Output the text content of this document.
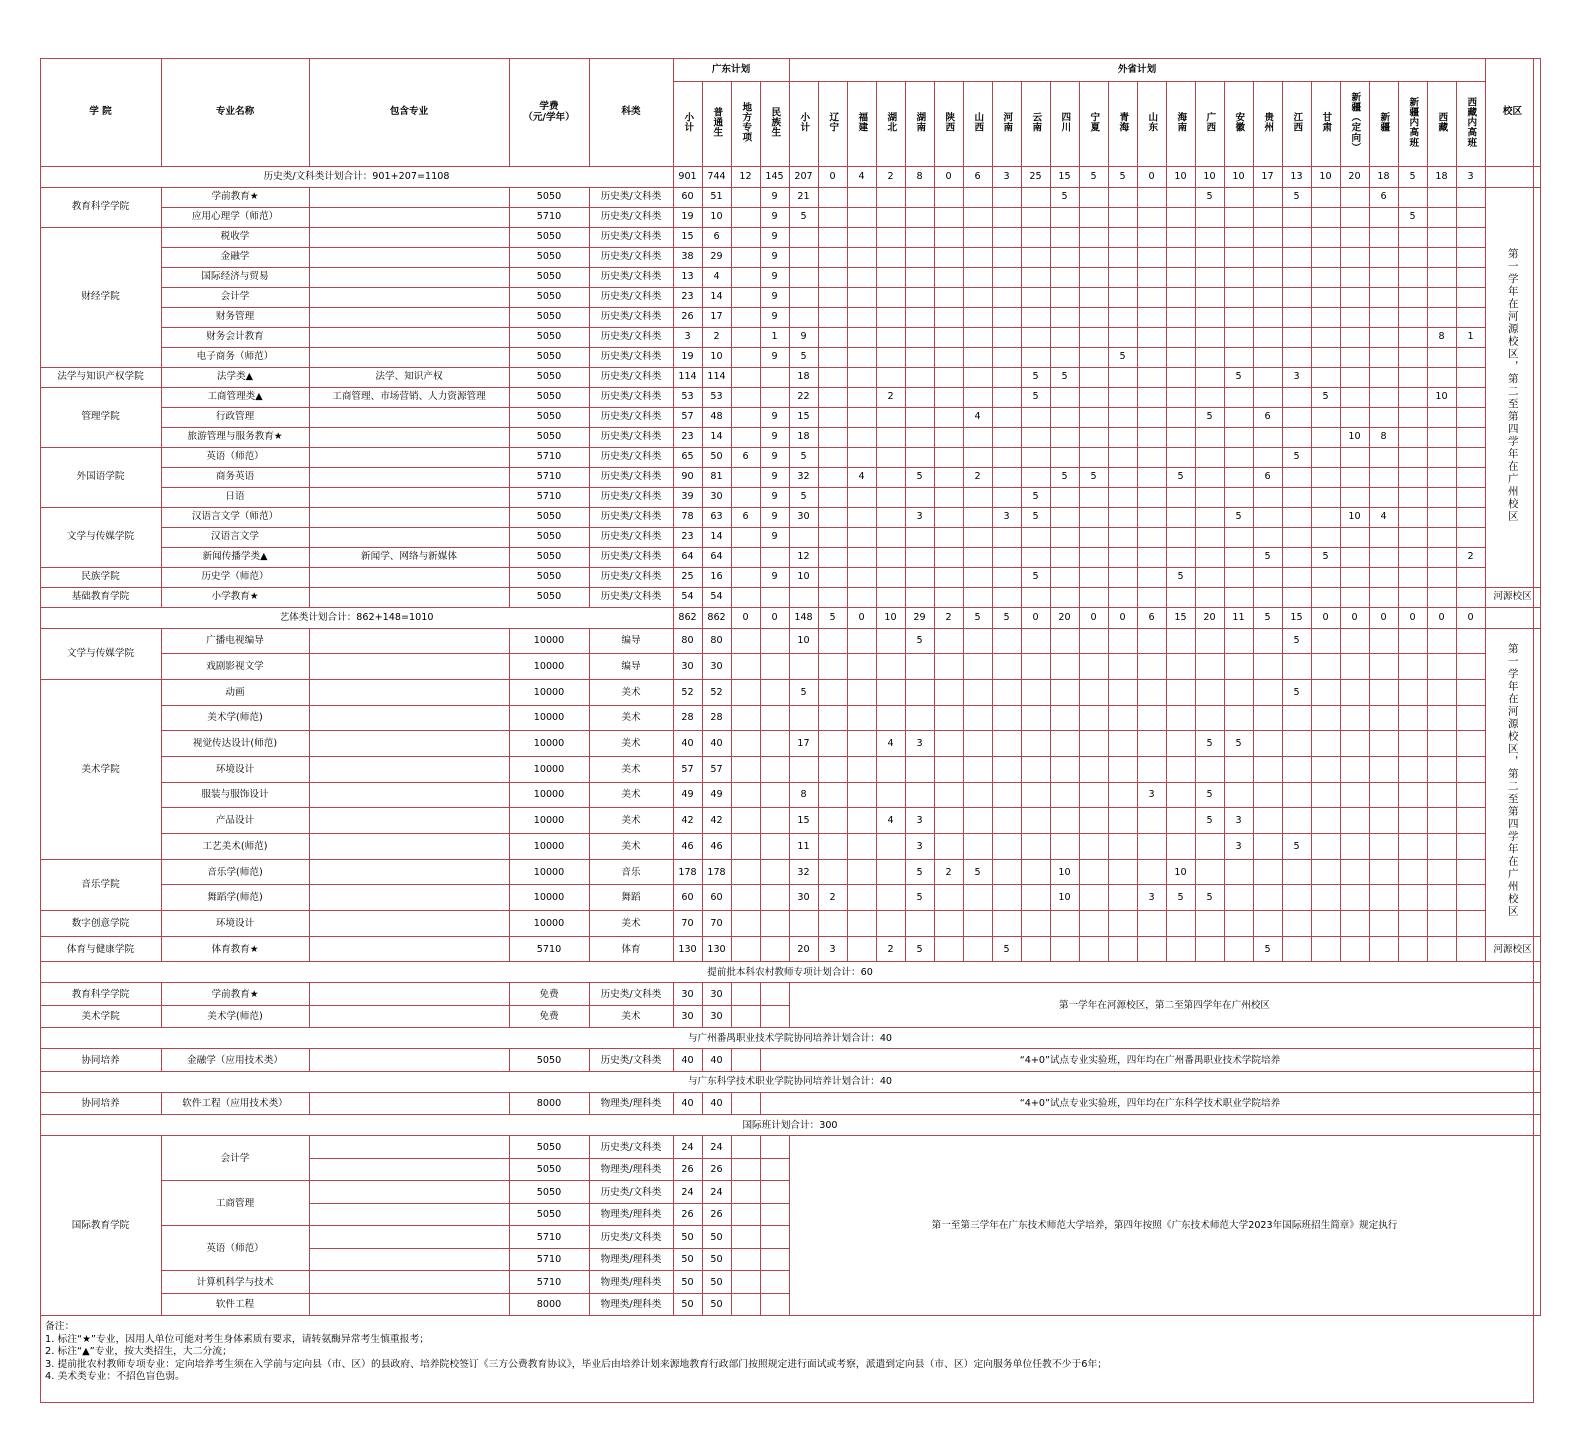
学 院	专业名称	包含专业	学费
（元/学年）	科类	广东计划				外省计划																								校区
					小计	普通生	地方专项	民族生	小计	辽宁	福建	湖北	湖南	陕西	山西	河南	云南	四川	宁夏	青海	山东	海南	广西	安徽	贵州	江西	甘肃	新疆（定向）	新疆	新疆内高班	西藏	西藏内高班	
历史类/文科类计划合计：901+207=1108					901	744	12	145	207	0	4	2	8	0	6	3	25	15	5	5	0	10	10	10	17	13	10	20	18	5	18	3	
教育科学学院	学前教育★		5050	历史类/文科类	60	51		9	21									5					5			5			6				第一学年在河源校区，第二至第四学年在广州校区
	应用心理学（师范）		5710	历史类/文科类	19	10		9	5																					5			
财经学院	税收学		5050	历史类/文科类	15	6		9																									
	金融学		5050	历史类/文科类	38	29		9																									
	国际经济与贸易		5050	历史类/文科类	13	4		9																									
	会计学		5050	历史类/文科类	23	14		9																									
	财务管理		5050	历史类/文科类	26	17		9																									
	财务会计教育		5050	历史类/文科类	3	2		1	9																						8	1	
	电子商务（师范）		5050	历史类/文科类	19	10		9	5											5													
法学与知识产权学院	法学类▲	法学、知识产权	5050	历史类/文科类	114	114			18								5	5						5		3							
管理学院	工商管理类▲	工商管理、市场营销、人力资源管理	5050	历史类/文科类	53	53			22			2					5										5				10		
	行政管理		5050	历史类/文科类	57	48		9	15						4								5		6								
	旅游管理与服务教育★		5050	历史类/文科类	23	14		9	18																			10	8				
外国语学院	英语（师范）		5710	历史类/文科类	65	50	6	9	5																	5							
	商务英语		5710	历史类/文科类	90	81		9	32		4		5		2			5	5			5			6								
	日语		5710	历史类/文科类	39	30		9	5								5																
文学与传媒学院	汉语言文学（师范）		5050	历史类/文科类	78	63	6	9	30				3			3	5							5				10	4				
	汉语言文学		5050	历史类/文科类	23	14		9																									
	新闻传播学类▲	新闻学、网络与新媒体	5050	历史类/文科类	64	64			12																5		5					2	
民族学院	历史学（师范）		5050	历史类/文科类	25	16		9	10								5					5											
基础教育学院	小学教育★		5050	历史类/文科类	54	54																											河源校区
艺体类计划合计：862+148=1010					862	862	0	0	148	5	0	10	29	2	5	5	0	20	0	0	6	15	20	11	5	15	0	0	0	0	0	0	
文学与传媒学院	广播电视编导		10000	编导	80	80			10				5													5							第一学年在河源校区，第二至第四学年在广州校区
	戏剧影视文学		10000	编导	30	30																											
美术学院	动画		10000	美术	52	52			5																	5							
	美术学(师范)		10000	美术	28	28																											
	视觉传达设计(师范)		10000	美术	40	40			17			4	3										5	5									
	环境设计		10000	美术	57	57																											
	服装与服饰设计		10000	美术	49	49			8												3		5										
	产品设计		10000	美术	42	42			15			4	3										5	3									
	工艺美术(师范)		10000	美术	46	46			11				3											3		5							
音乐学院	音乐学(师范)		10000	音乐	178	178			32				5	2	5			10				10											
	舞蹈学(师范)		10000	舞蹈	60	60			30	2			5					10			3	5	5										
数字创意学院	环境设计		10000	美术	70	70																											
体育与健康学院	体育教育★		5710	体育	130	130			20	3		2	5			5									5								河源校区
提前批本科农村教师专项计划合计：60																																	
教育科学学院	学前教育★		免费	历史类/文科类	30	30			第一学年在河源校区，第二至第四学年在广州校区																								
美术学院	美术学(师范)		免费	美术	30	30																											
与广州番禺职业技术学院协同培养计划合计：40																																	
协同培养	金融学（应用技术类）		5050	历史类/文科类	40	40		“4+0”试点专业实验班，四年均在广州番禺职业技术学院培养																									
与广东科学技术职业学院协同培养计划合计：40																																	
协同培养	软件工程（应用技术类）		8000	物理类/理科类	40	40		“4+0”试点专业实验班，四年均在广东科学技术职业学院培养																									
国际班计划合计：300																																	
国际教育学院	会计学		5050	历史类/文科类	24	24			第一至第三学年在广东技术师范大学培养，第四年按照《广东技术师范大学2023年国际班招生简章》规定执行																								
			5050	物理类/理科类	26	26																											
	工商管理		5050	历史类/文科类	24	24																											
			5050	物理类/理科类	26	26																											
	英语（师范）		5710	历史类/文科类	50	50																											
			5710	物理类/理科类	50	50																											
	计算机科学与技术		5710	物理类/理科类	50	50																											
	软件工程		8000	物理类/理科类	50	50																											
备注：
1. 标注“★”专业，因用人单位可能对考生身体素质有要求，请转氨酶异常考生慎重报考；
2. 标注“▲”专业，按大类招生，大二分流；
3. 提前批农村教师专项专业：定向培养考生须在入学前与定向县（市、区）的县政府、培养院校签订《三方公费教育协议》，毕业后由培养计划来源地教育行政部门按照规定进行面试或考察，派遣到定向县（市、区）定向服务单位任教不少于6年；
4. 美术类专业：不招色盲色弱。
